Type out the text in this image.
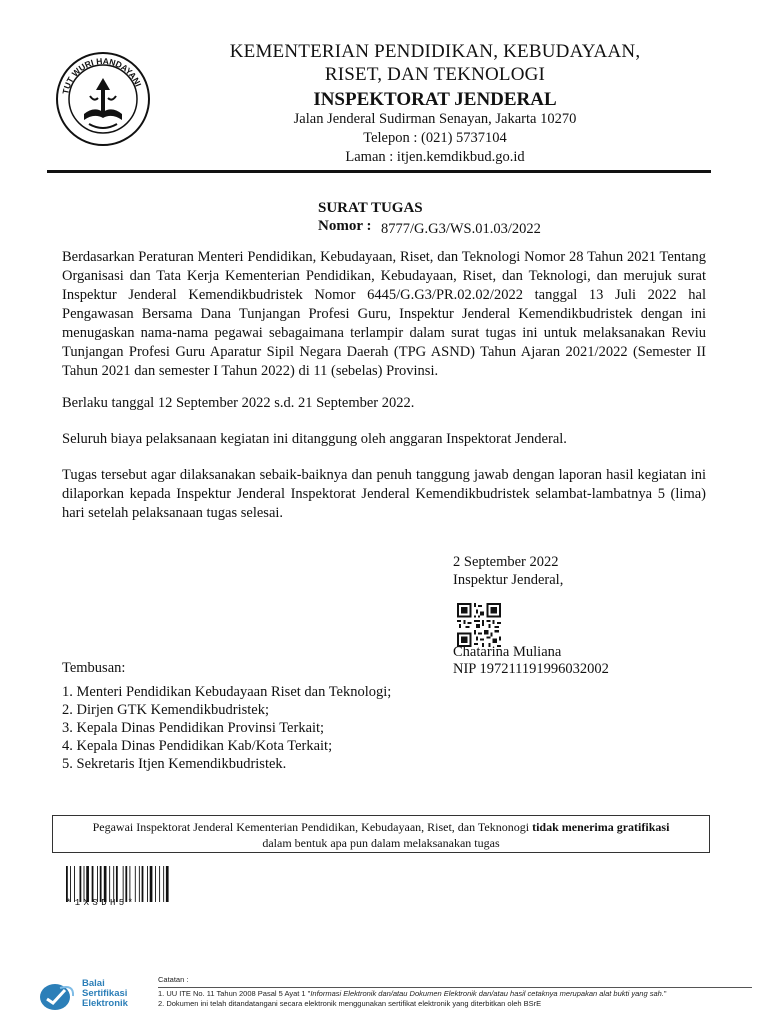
TUT WURI HANDAYANI
KEMENTERIAN PENDIDIKAN, KEBUDAYAAN,
RISET, DAN TEKNOLOGI
INSPEKTORAT JENDERAL
Jalan Jenderal Sudirman Senayan, Jakarta 10270
Telepon : (021) 5737104
Laman : itjen.kemdikbud.go.id
SURAT TUGAS
Nomor : 8777/G.G3/WS.01.03/2022
Berdasarkan Peraturan Menteri Pendidikan, Kebudayaan, Riset, dan Teknologi Nomor 28 Tahun 2021 Tentang Organisasi dan Tata Kerja Kementerian Pendidikan, Kebudayaan, Riset, dan Teknologi, dan merujuk surat Inspektur Jenderal Kemendikbudristek Nomor 6445/G.G3/PR.02.02/2022 tanggal 13 Juli 2022 hal Pengawasan Bersama Dana Tunjangan Profesi Guru, Inspektur Jenderal Kemendikbudristek dengan ini menugaskan nama-nama pegawai sebagaimana terlampir dalam surat tugas ini untuk melaksanakan Reviu Tunjangan Profesi Guru Aparatur Sipil Negara Daerah (TPG ASND) Tahun Ajaran 2021/2022 (Semester II Tahun 2021 dan semester I Tahun 2022) di 11 (sebelas) Provinsi.
Berlaku tanggal 12 September 2022 s.d. 21 September 2022.
Seluruh biaya pelaksanaan kegiatan ini ditanggung oleh anggaran Inspektorat Jenderal.
Tugas tersebut agar dilaksanakan sebaik-baiknya dan penuh tanggung jawab dengan laporan hasil kegiatan ini dilaporkan kepada Inspektur Jenderal Inspektorat Jenderal Kemendikbudristek selambat-lambatnya 5 (lima) hari setelah pelaksanaan tugas selesai.
2 September 2022
Inspektur Jenderal,
Chatarina Muliana
NIP 197211191996032002
Tembusan:
1. Menteri Pendidikan Kebudayaan Riset dan Teknologi;
2. Dirjen GTK Kemendikbudristek;
3. Kepala Dinas Pendidikan Provinsi Terkait;
4. Kepala Dinas Pendidikan Kab/Kota Terkait;
5. Sekretaris Itjen Kemendikbudristek.
Pegawai Inspektorat Jenderal Kementerian Pendidikan, Kebudayaan, Riset, dan Teknonogi tidak menerima gratifikasi
dalam bentuk apa pun dalam melaksanakan tugas
*1XSDH5*
Balai
Sertifikasi
Elektronik
Catatan :
1. UU ITE No. 11 Tahun 2008 Pasal 5 Ayat 1 "Informasi Elektronik dan/atau Dokumen Elektronik dan/atau hasil cetaknya merupakan alat bukti yang sah."
2. Dokumen ini telah ditandatangani secara elektronik menggunakan sertifikat elektronik yang diterbitkan oleh BSrE
